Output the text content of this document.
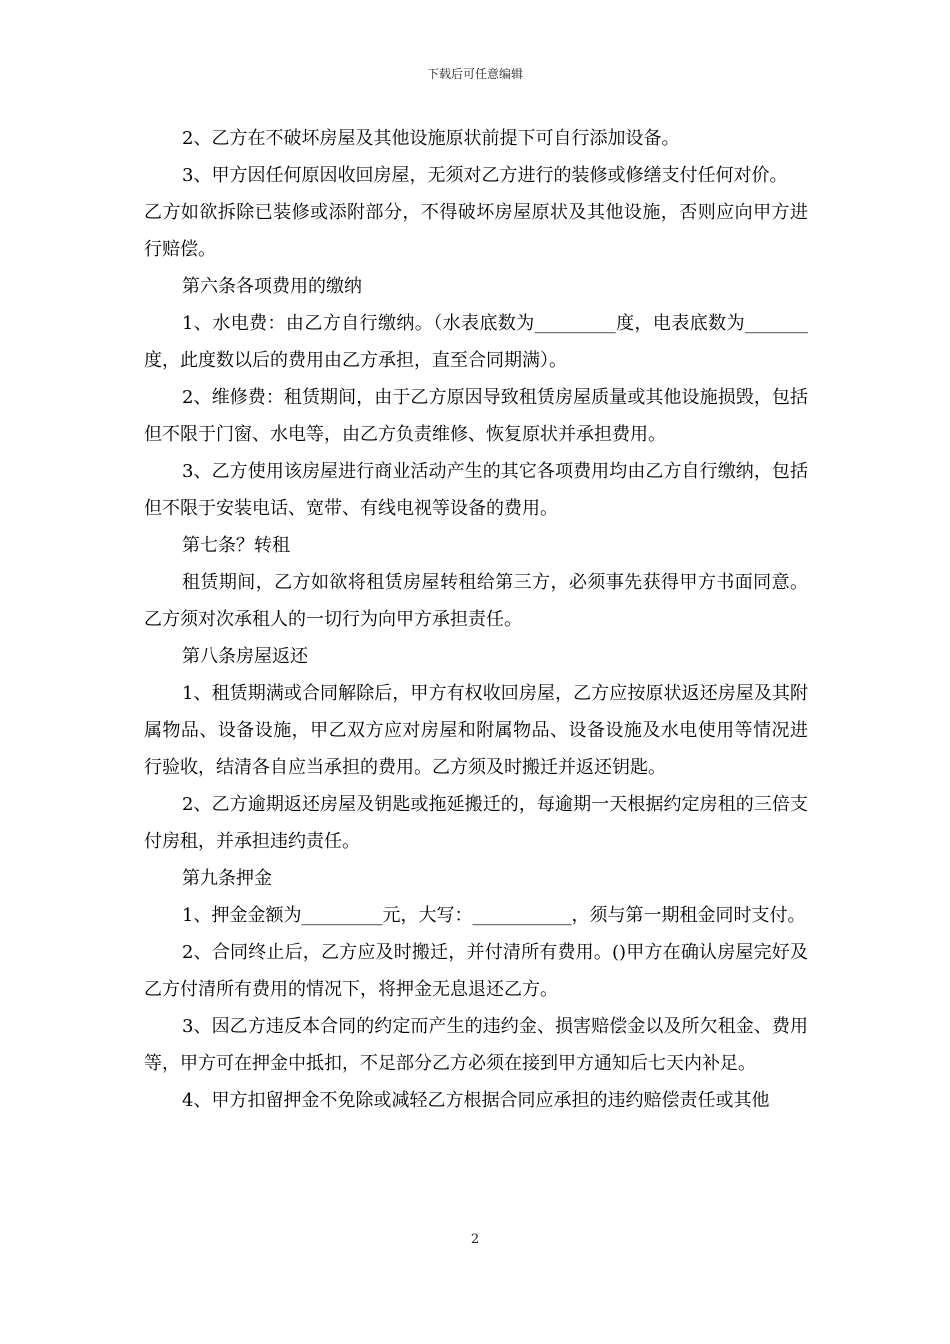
下载后可任意编辑

2、乙方在不破坏房屋及其他设施原状前提下可自行添加设备。

3、甲方因任何原因收回房屋，无须对乙方进行的装修或修缮支付任何对价。

乙方如欲拆除已装修或添附部分，不得破坏房屋原状及其他设施，否则应向甲方进行赔偿。

第六条各项费用的缴纳

1、水电费：由乙方自行缴纳。（水表底数为_________度，电表底数为_______度，此度数以后的费用由乙方承担，直至合同期满）。

2、维修费：租赁期间，由于乙方原因导致租赁房屋质量或其他设施损毁，包括但不限于门窗、水电等，由乙方负责维修、恢复原状并承担费用。

3、乙方使用该房屋进行商业活动产生的其它各项费用均由乙方自行缴纳，包括但不限于安装电话、宽带、有线电视等设备的费用。

第七条？转租

租赁期间，乙方如欲将租赁房屋转租给第三方，必须事先获得甲方书面同意。乙方须对次承租人的一切行为向甲方承担责任。

第八条房屋返还

1、租赁期满或合同解除后，甲方有权收回房屋，乙方应按原状返还房屋及其附属物品、设备设施，甲乙双方应对房屋和附属物品、设备设施及水电使用等情况进行验收，结清各自应当承担的费用。乙方须及时搬迁并返还钥匙。

2、乙方逾期返还房屋及钥匙或拖延搬迁的，每逾期一天根据约定房租的三倍支付房租，并承担违约责任。

第九条押金

1、押金金额为_________元，大写：___________，须与第一期租金同时支付。

2、合同终止后，乙方应及时搬迁，并付清所有费用。()甲方在确认房屋完好及乙方付清所有费用的情况下，将押金无息退还乙方。

3、因乙方违反本合同的约定而产生的违约金、损害赔偿金以及所欠租金、费用等，甲方可在押金中抵扣，不足部分乙方必须在接到甲方通知后七天内补足。

4、甲方扣留押金不免除或减轻乙方根据合同应承担的违约赔偿责任或其他

2
